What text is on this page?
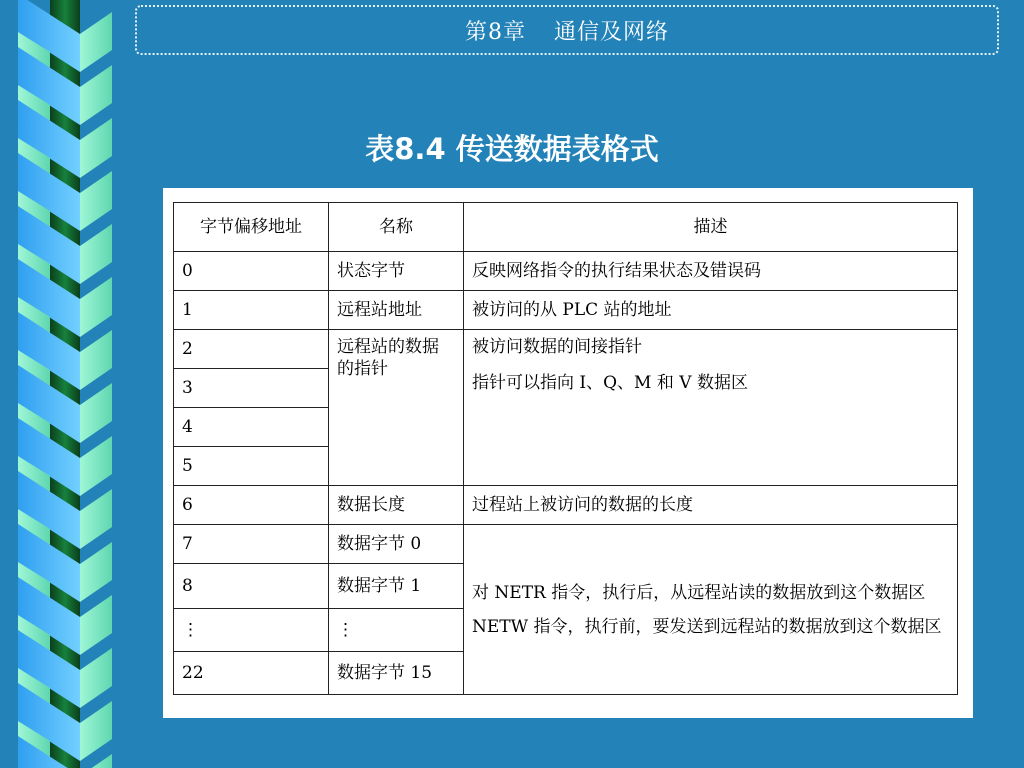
第8章 通信及网络
表8.4 传送数据表格式
字节偏移地址	名称	描述
0	状态字节	反映网络指令的执行结果状态及错误码
1	远程站地址	被访问的从 PLC 站的地址
2	远程站的数据的指针	被访问数据的间接指针

指针可以指向 I、Q、M 和 V 数据区

3		
4		
5		
6	数据长度	过程站上被访问的数据的长度
7	数据字节 0	对 NETR 指令，执行后，从远程站读的数据放到这个数据区

NETW 指令，执行前，要发送到远程站的数据放到这个数据区

8	数据字节 1	
⋮	⋮	
22	数据字节 15	
